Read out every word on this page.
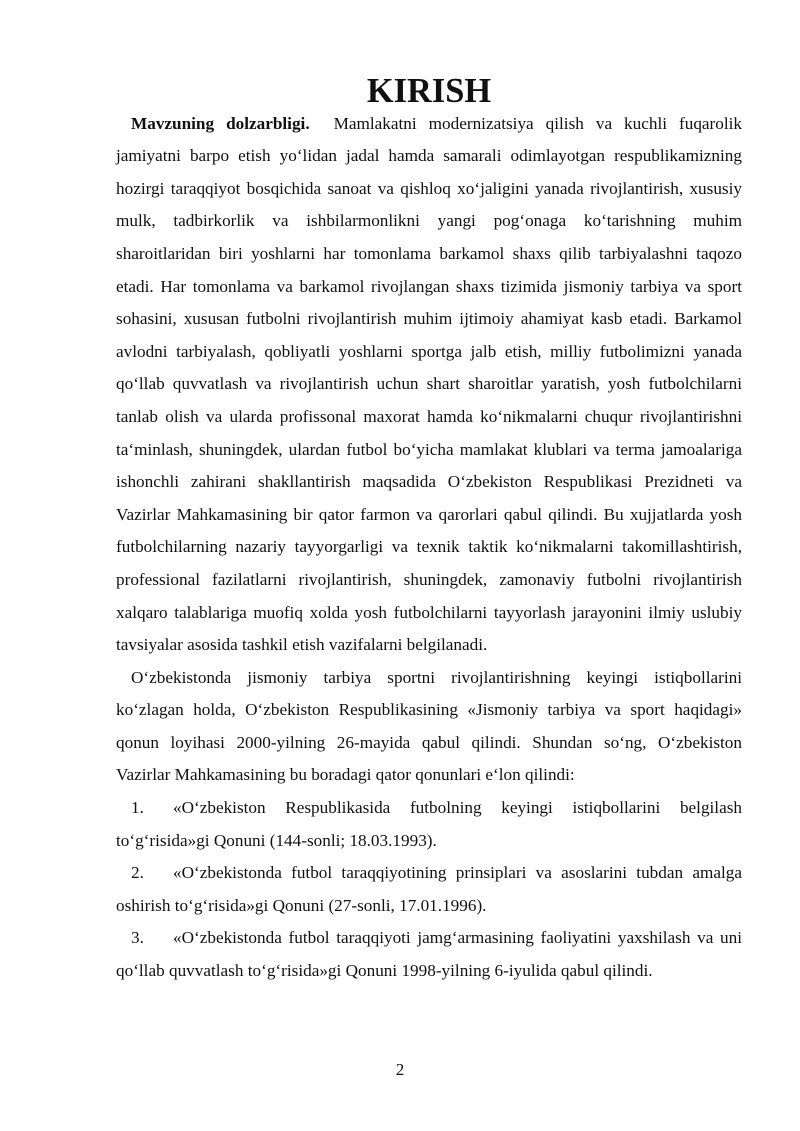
KIRISH

Mavzuning dolzarbligi. Mamlakatni modernizatsiya qilish va kuchli fuqarolik jamiyatni barpo etish yo‘lidan jadal hamda samarali odimlayotgan respublikamizning hozirgi taraqqiyot bosqichida sanoat va qishloq xo‘jaligini yanada rivojlantirish, xususiy mulk, tadbirkorlik va ishbilarmonlikni yangi pog‘onaga ko‘tarishning muhim sharoitlaridan biri yoshlarni har tomonlama barkamol shaxs qilib tarbiyalashni taqozo etadi. Har tomonlama va barkamol rivojlangan shaxs tizimida jismoniy tarbiya va sport sohasini, xususan futbolni rivojlantirish muhim ijtimoiy ahamiyat kasb etadi. Barkamol avlodni tarbiyalash, qobliyatli yoshlarni sportga jalb etish, milliy futbolimizni yanada qo‘llab quvvatlash va rivojlantirish uchun shart sharoitlar yaratish, yosh futbolchilarni tanlab olish va ularda profissonal maxorat hamda ko‘nikmalarni chuqur rivojlantirishni ta‘minlash, shuningdek, ulardan futbol bo‘yicha mamlakat klublari va terma jamoalariga ishonchli zahirani shakllantirish maqsadida O‘zbekiston Respublikasi Prezidneti va Vazirlar Mahkamasining bir qator farmon va qarorlari qabul qilindi. Bu xujjatlarda yosh futbolchilarning nazariy tayyorgarligi va texnik taktik ko‘nikmalarni takomillashtirish, professional fazilatlarni rivojlantirish, shuningdek, zamonaviy futbolni rivojlantirish xalqaro talablariga muofiq xolda yosh futbolchilarni tayyorlash jarayonini ilmiy uslubiy tavsiyalar asosida tashkil etish vazifalarni belgilanadi.

O‘zbekistonda jismoniy tarbiya sportni rivojlantirishning keyingi istiqbollarini ko‘zlagan holda, O‘zbekiston Respublikasining «Jismoniy tarbiya va sport haqidagi» qonun loyihasi 2000-yilning 26-mayida qabul qilindi. Shundan so‘ng, O‘zbekiston Vazirlar Mahkamasining bu boradagi qator qonunlari e‘lon qilindi:

1. «O‘zbekiston Respublikasida futbolning keyingi istiqbollarini belgilash to‘g‘risida»gi Qonuni (144-sonli; 18.03.1993).

2. «O‘zbekistonda futbol taraqqiyotining prinsiplari va asoslarini tubdan amalga oshirish to‘g‘risida»gi Qonuni (27-sonli, 17.01.1996).

3. «O‘zbekistonda futbol taraqqiyoti jamg‘armasining faoliyatini yaxshilash va uni qo‘llab quvvatlash to‘g‘risida»gi Qonuni 1998-yilning 6-iyulida qabul qilindi.

2
